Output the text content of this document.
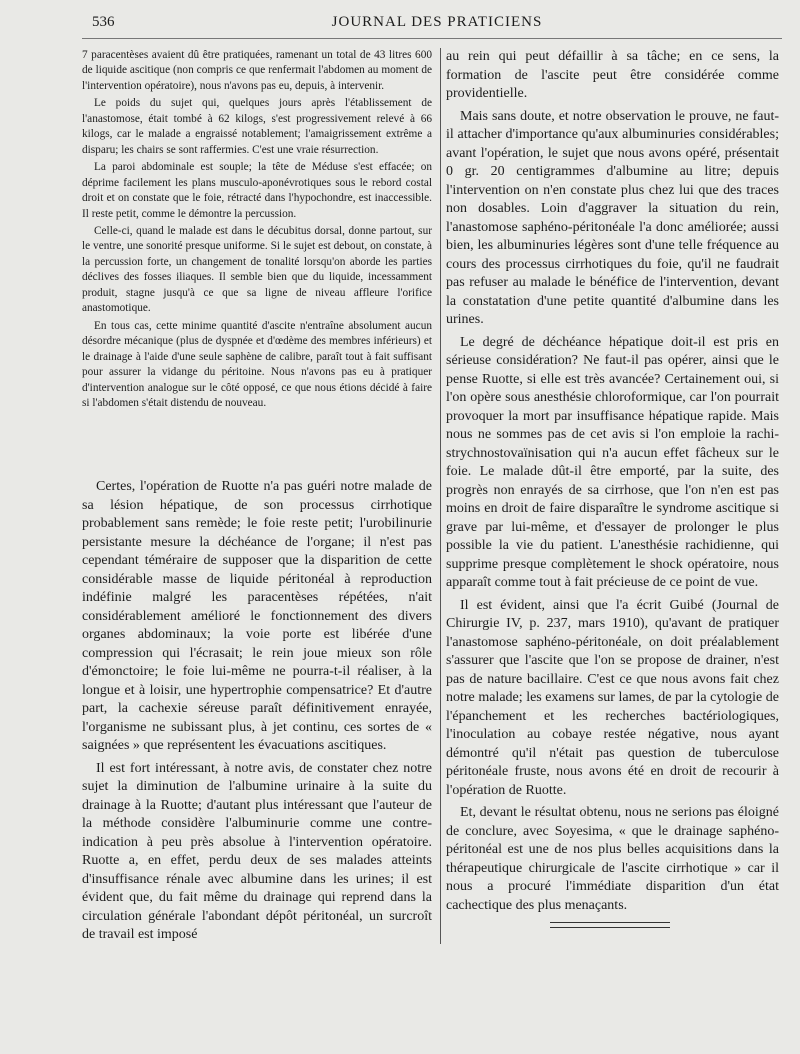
536	JOURNAL DES PRATICIENS

7 paracentèses avaient dû être pratiquées, ramenant un total de 43 litres 600 de liquide ascitique (non compris ce que renfermait l'abdomen au moment de l'intervention opératoire), nous n'avons pas eu, depuis, à intervenir.

Le poids du sujet qui, quelques jours après l'établissement de l'anastomose, était tombé à 62 kilogs, s'est progressivement relevé à 66 kilogs, car le malade a engraissé notablement; l'amaigrissement extrême a disparu; les chairs se sont raffermies. C'est une vraie résurrection.

La paroi abdominale est souple; la tête de Méduse s'est effacée; on déprime facilement les plans musculo-aponévrotiques sous le rebord costal droit et on constate que le foie, rétracté dans l'hypochondre, est inaccessible. Il reste petit, comme le démontre la percussion.

Celle-ci, quand le malade est dans le décubitus dorsal, donne partout, sur le ventre, une sonorité presque uniforme. Si le sujet est debout, on constate, à la percussion forte, un changement de tonalité lorsqu'on aborde les parties déclives des fosses iliaques. Il semble bien que du liquide, incessamment produit, stagne jusqu'à ce que sa ligne de niveau affleure l'orifice anastomotique.

En tous cas, cette minime quantité d'ascite n'entraîne absolument aucun désordre mécanique (plus de dyspnée et d'œdème des membres inférieurs) et le drainage à l'aide d'une seule saphène de calibre, paraît tout à fait suffisant pour assurer la vidange du péritoine. Nous n'avons pas eu à pratiquer d'intervention analogue sur le côté opposé, ce que nous étions décidé à faire si l'abdomen s'était distendu de nouveau.

Certes, l'opération de Ruotte n'a pas guéri notre malade de sa lésion hépatique, de son processus cirrhotique probablement sans remède; le foie reste petit; l'urobilinurie persistante mesure la déchéance de l'organe; il n'est pas cependant téméraire de supposer que la disparition de cette considérable masse de liquide péritonéal à reproduction indéfinie malgré les paracentèses répétées, n'ait considérablement amélioré le fonctionnement des divers organes abdominaux; la voie porte est libérée d'une compression qui l'écrasait; le rein joue mieux son rôle d'émonctoire; le foie lui-même ne pourra-t-il réaliser, à la longue et à loisir, une hypertrophie compensatrice? Et d'autre part, la cachexie séreuse paraît définitivement enrayée, l'organisme ne subissant plus, à jet continu, ces sortes de « saignées » que représentent les évacuations ascitiques.

Il est fort intéressant, à notre avis, de constater chez notre sujet la diminution de l'albumine urinaire à la suite du drainage à la Ruotte; d'autant plus intéressant que l'auteur de la méthode considère l'albuminurie comme une contre-indication à peu près absolue à l'intervention opératoire. Ruotte a, en effet, perdu deux de ses malades atteints d'insuffisance rénale avec albumine dans les urines; il est évident que, du fait même du drainage qui reprend dans la circulation générale l'abondant dépôt péritonéal, un surcroît de travail est imposé

au rein qui peut défaillir à sa tâche; en ce sens, la formation de l'ascite peut être considérée comme providentielle.

Mais sans doute, et notre observation le prouve, ne faut-il attacher d'importance qu'aux albuminuries considérables; avant l'opération, le sujet que nous avons opéré, présentait 0 gr. 20 centigrammes d'albumine au litre; depuis l'intervention on n'en constate plus chez lui que des traces non dosables. Loin d'aggraver la situation du rein, l'anastomose saphéno-péritonéale l'a donc améliorée; aussi bien, les albuminuries légères sont d'une telle fréquence au cours des processus cirrhotiques du foie, qu'il ne faudrait pas refuser au malade le bénéfice de l'intervention, devant la constatation d'une petite quantité d'albumine dans les urines.

Le degré de déchéance hépatique doit-il est pris en sérieuse considération? Ne faut-il pas opérer, ainsi que le pense Ruotte, si elle est très avancée? Certainement oui, si l'on opère sous anesthésie chloroformique, car l'on pourrait provoquer la mort par insuffisance hépatique rapide. Mais nous ne sommes pas de cet avis si l'on emploie la rachi-strychnostovaïnisation qui n'a aucun effet fâcheux sur le foie. Le malade dût-il être emporté, par la suite, des progrès non enrayés de sa cirrhose, que l'on n'en est pas moins en droit de faire disparaître le syndrome ascitique si grave par lui-même, et d'essayer de prolonger le plus possible la vie du patient. L'anesthésie rachidienne, qui supprime presque complètement le shock opératoire, nous apparaît comme tout à fait précieuse de ce point de vue.

Il est évident, ainsi que l'a écrit Guibé (Journal de Chirurgie IV, p. 237, mars 1910), qu'avant de pratiquer l'anastomose saphéno-péritonéale, on doit préalablement s'assurer que l'ascite que l'on se propose de drainer, n'est pas de nature bacillaire. C'est ce que nous avons fait chez notre malade; les examens sur lames, de par la cytologie de l'épanchement et les recherches bactériologiques, l'inoculation au cobaye restée négative, nous ayant démontré qu'il n'était pas question de tuberculose péritonéale fruste, nous avons été en droit de recourir à l'opération de Ruotte.

Et, devant le résultat obtenu, nous ne serions pas éloigné de conclure, avec Soyesima, « que le drainage saphéno-péritonéal est une de nos plus belles acquisitions dans la thérapeutique chirurgicale de l'ascite cirrhotique » car il nous a procuré l'immédiate disparition d'un état cachectique des plus menaçants.
